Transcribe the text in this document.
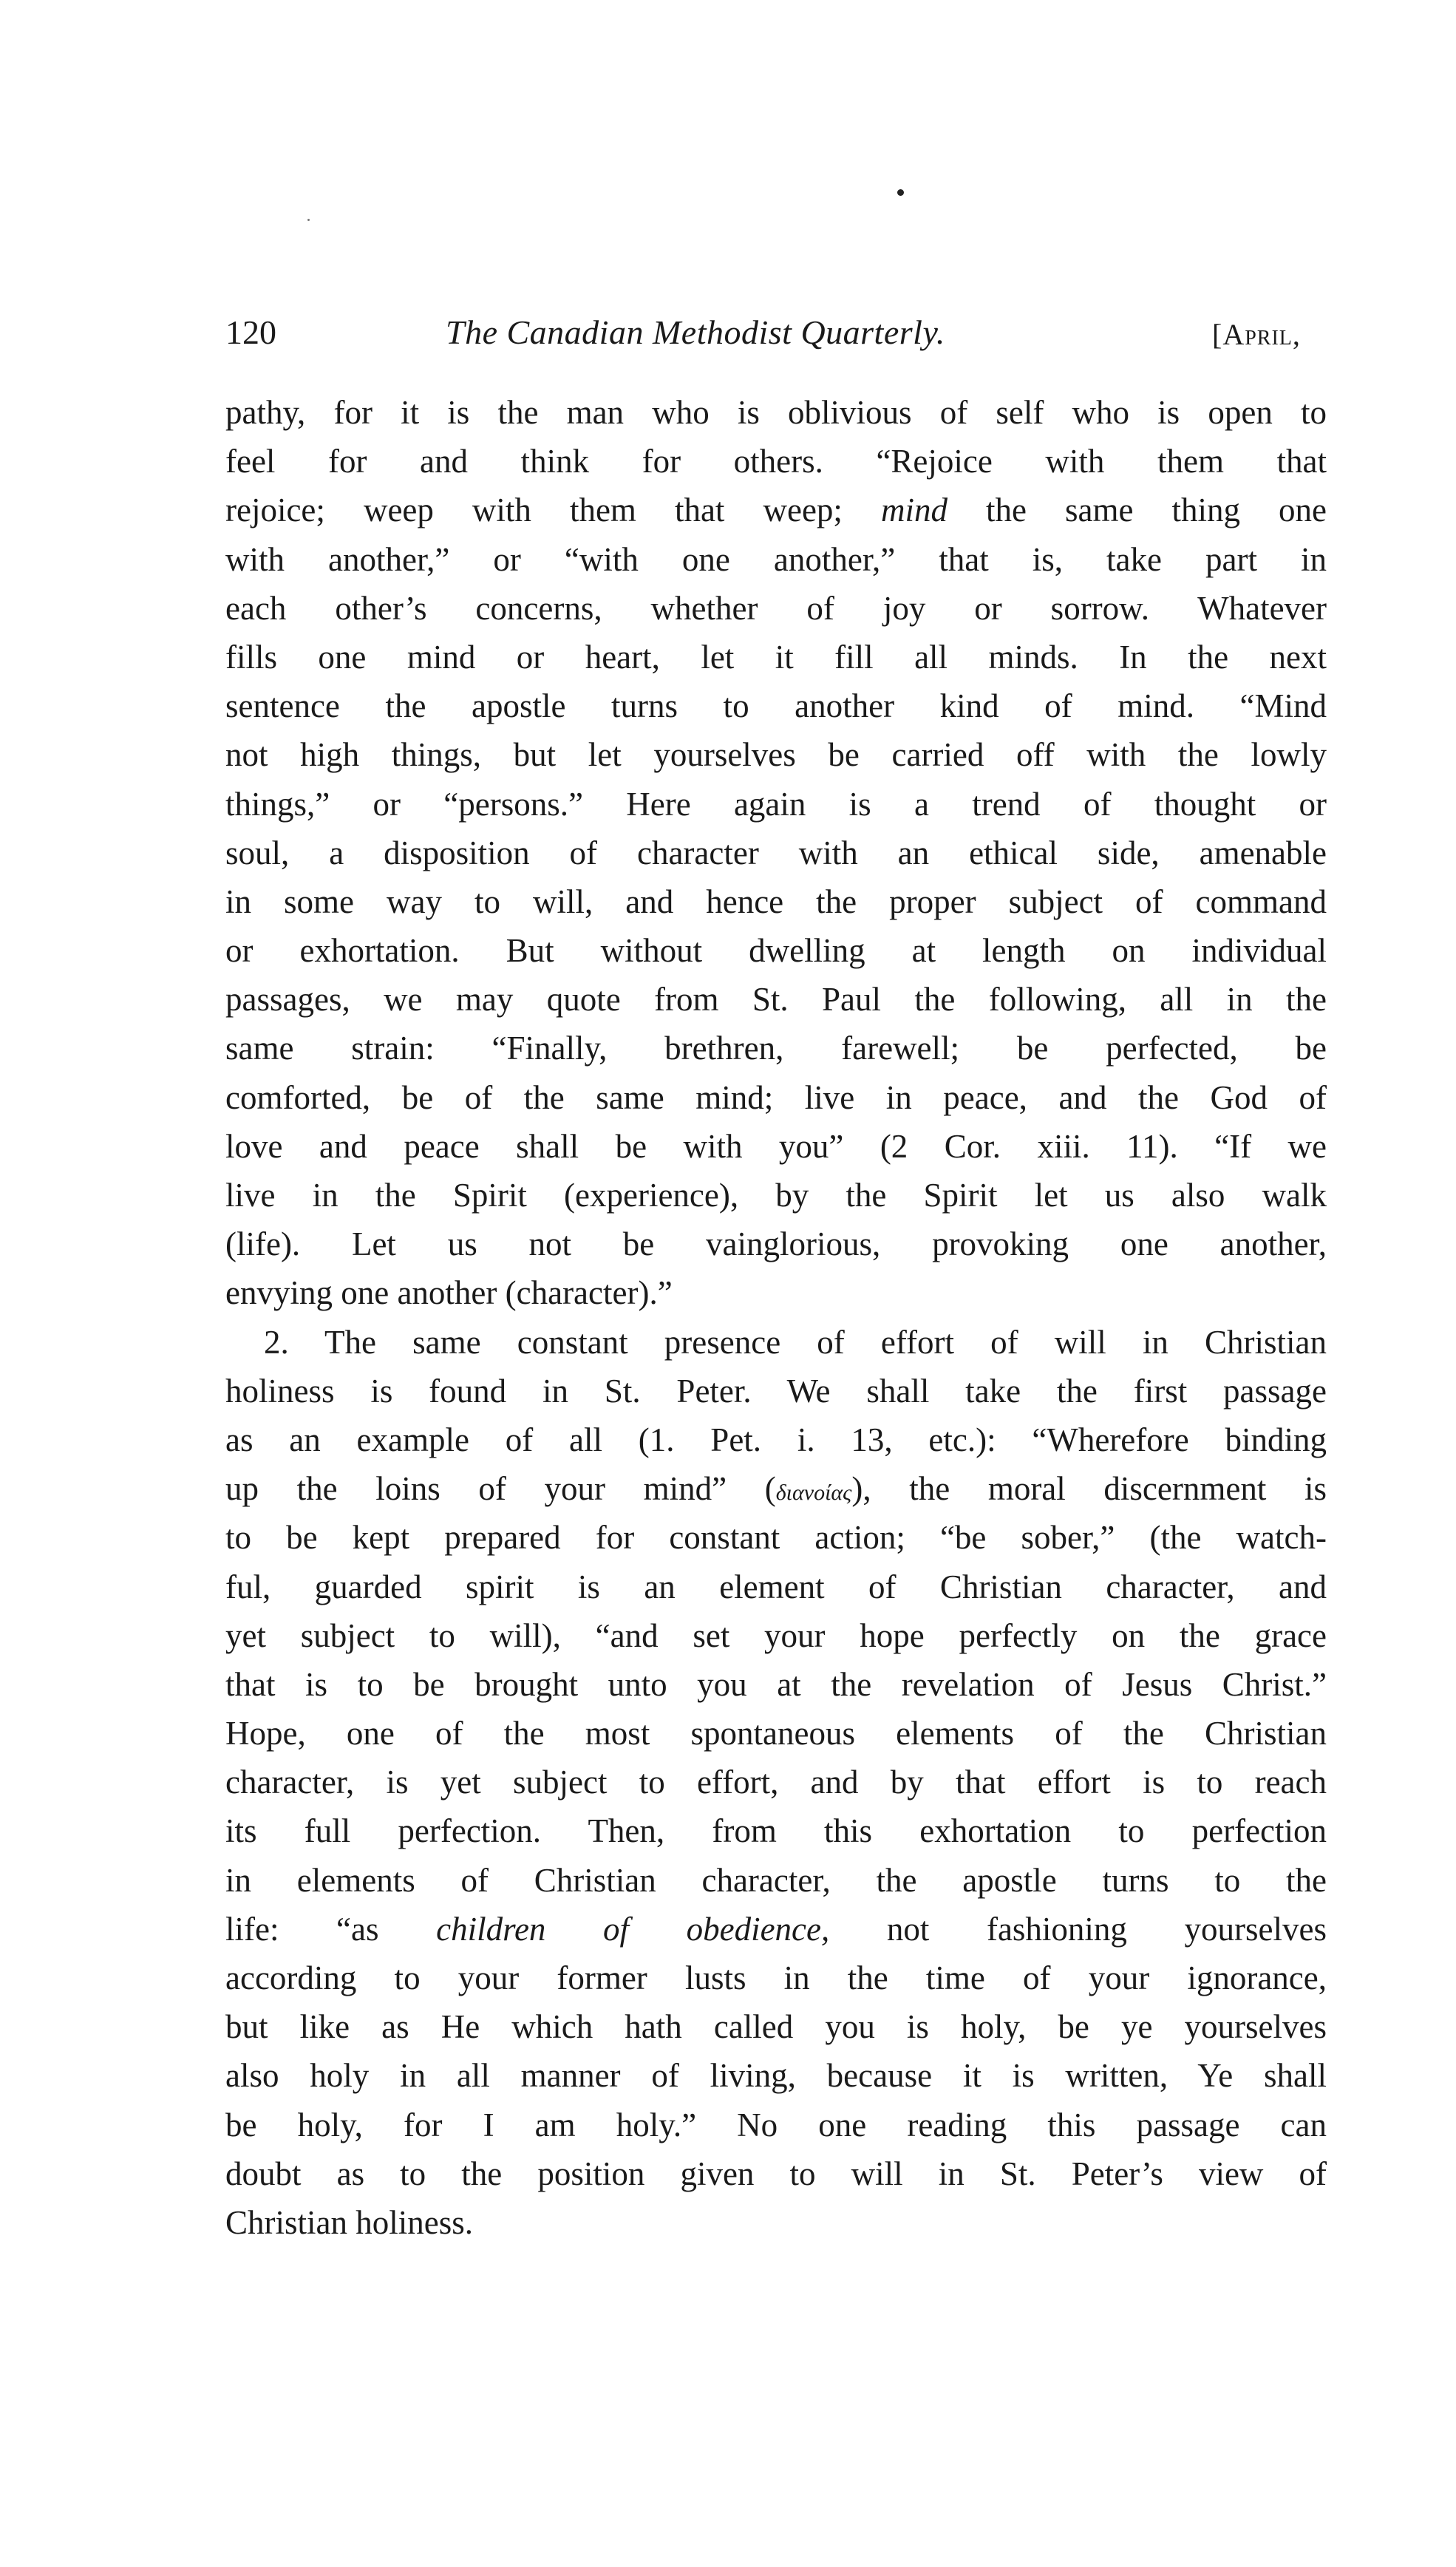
120	The Canadian Methodist Quarterly.	[April,
pathy, for it is the man who is oblivious of self who is open to
feel for and think for others. “Rejoice with them that
rejoice; weep with them that weep; mind the same thing one
with another,” or “with one another,” that is, take part in
each other’s concerns, whether of joy or sorrow. Whatever
fills one mind or heart, let it fill all minds. In the next
sentence the apostle turns to another kind of mind. “Mind
not high things, but let yourselves be carried off with the lowly
things,” or “persons.” Here again is a trend of thought or
soul, a disposition of character with an ethical side, amenable
in some way to will, and hence the proper subject of command
or exhortation. But without dwelling at length on individual
passages, we may quote from St. Paul the following, all in the
same strain: “Finally, brethren, farewell; be perfected, be
comforted, be of the same mind; live in peace, and the God of
love and peace shall be with you” (2 Cor. xiii. 11). “If we
live in the Spirit (experience), by the Spirit let us also walk
(life). Let us not be vainglorious, provoking one another,
envying one another (character).”
2. The same constant presence of effort of will in Christian
holiness is found in St. Peter. We shall take the first passage
as an example of all (1. Pet. i. 13, etc.): “Wherefore binding
up the loins of your mind” (διανοίας), the moral discernment is
to be kept prepared for constant action; “be sober,” (the watch-
ful, guarded spirit is an element of Christian character, and
yet subject to will), “and set your hope perfectly on the grace
that is to be brought unto you at the revelation of Jesus Christ.”
Hope, one of the most spontaneous elements of the Christian
character, is yet subject to effort, and by that effort is to reach
its full perfection. Then, from this exhortation to perfection
in elements of Christian character, the apostle turns to the
life: “as children of obedience, not fashioning yourselves
according to your former lusts in the time of your ignorance,
but like as He which hath called you is holy, be ye yourselves
also holy in all manner of living, because it is written, Ye shall
be holy, for I am holy.” No one reading this passage can
doubt as to the position given to will in St. Peter’s view of
Christian holiness.
